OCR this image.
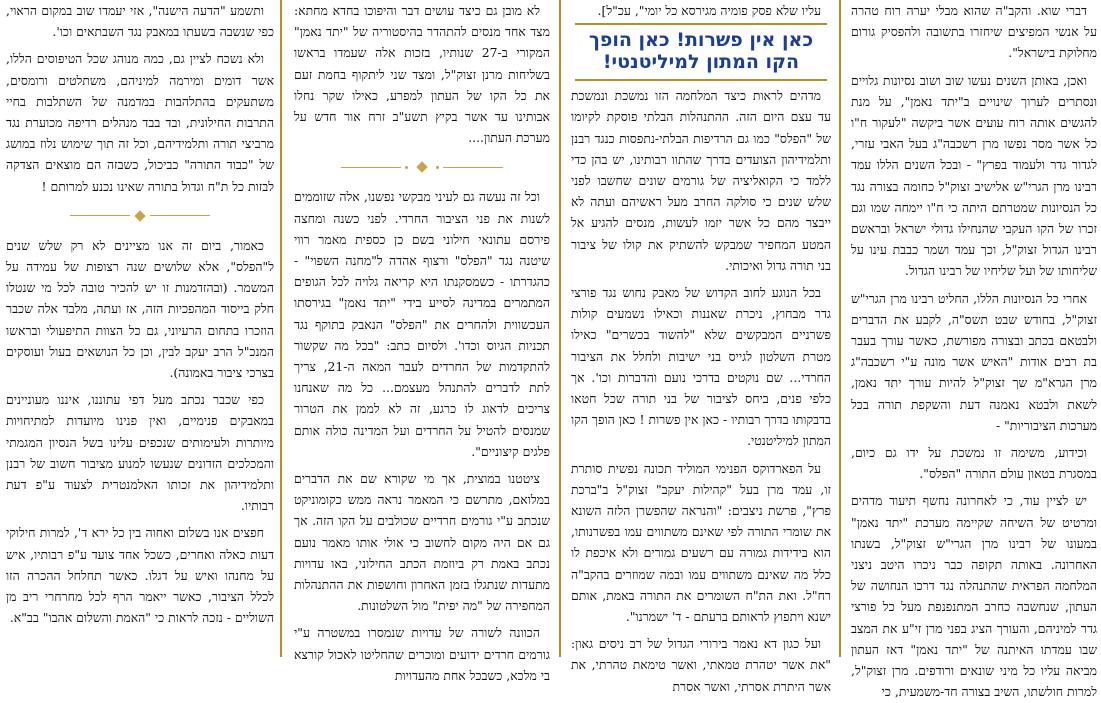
דברי שוא. והקב"ה שהוא מבלי יערה רוח טהרה על אנשי המפיצים שיחזרו בתשובה ולהפסיק גורום מחלוקת בישראל".

ואכן, באותן השנים נעשו שוב ושוב נסיונות גלויים ונסתרים לערוך שינויים ב"יתד נאמן", על מנת להגשים אותה רוח עועים אשר ביקשה "לעקור ח"ו כל אשר מסר נפשו מרן רשכבה"ג בעל האבי עזרי, לגדור גדר ולעמוד בפרץ" - ובכל השנים הללו עמד רבינו מרן הגרי"ש אלישיב זצוק"ל כחומה בצורה נגד כל הנסיונות שמטרתם היתה כי ח"ו יימחה שמו וגם זכרו של הקו העקבי שהנחילו גדולי ישראל ובראשם רבינו הגדול זצוק"ל, וכך עמד ושמר כבבת עינו על שליחותו של ועל שליחיו של רבינו הגדול.

אחרי כל הנסיונות הללו, החליט רבינו מרן הגרי"ש זצוק"ל, בחודש שבט תשס"ה, לקבע את הדברים ולבטאם בכתב ובצורה מפורשת, כאשר עורך בעבר בת רבים אודות "האיש אשר מונה ע"י רשכבה"ג מרן הגרא"מ שך זצוק"ל להיות עורך יתד נאמן, לשאת ולבטא נאמנה דעת והשקפת תורה בכל מערכות הציבוריות" -

וכידוע, משימה זו נמשכת על ידו גם כיום, במסגרת בטאון עולם התורה "הפלס".

יש לציין עוד, כי לאחרונה נחשף תיעוד מדהים ומרטיט של השיחה שקיימה מערכת "יתד נאמן" במעונו של רבינו מרן הגרי"ש זצוק"ל, בשנתו האחרונה. באותה תקופה כבר ניכרו היטב ניצני המלחמה הפראית שהתנהלה נגד דרכו הנחושה של העתון, שנחשבה כחרב המתנפנפת מעל כל פורצי גדר למיניהם, והעורך הציג בפני מרן זי"ע את המצב שבו עמדתו האיתנה של "יתד נאמן" דאז העתון מביאה עליו כל מיני שונאים ורודפים. מרן זצוק"ל, למרות חולשתו, השיב בצורה חד-משמעית, כי

עליו שלא פסק פומיה מגירסא כל יומי", עכ"ל].

כאן אין פשרות! כאן הופך הקו המתון למיליטנטי!

מדהים לראות כיצד המלחמה הזו נמשכת ונמשכת עד עצם היום הזה. ההתנהלות הבלתי פוסקת לקיומו של "הפלס" כמו גם הרדיפות הבלתי-נתפסות כנגד רבנן ותלמידיהון הצועדים בדרך שהתוו רבותינו, יש בהן כדי ללמד כי הקואליציה של גורמים שונים שחשבו לפני שלש שנים כי סולקה החרב מעל ראשיהם ועתה לא ייבצר מהם כל אשר יזמו לעשות, מנסים להגיע אל המטע המחפיר שמבקש להשתיק את קולו של ציבור בני תורה גדול ואיכותי.

בכל הנוגע לחוב הקדוש של מאבק נחוש נגד פורצי גדר מבחוץ, ניכרת שאננות וכאילו נשמעים קולות פשרניים המבקשים שלא "להשוד בכשרים" כאילו מטרת השלטון לגייס בני ישיבות ולחלל את הציבור החרדי... שם נוקטים בדרכי נועם והדברות וכו'. אך כלפי פנים, ביחס לציבור של בני תורה שכל חטאו בדבקותו בדרך רבותיו - כאן אין פשרות ! כאן הופך הקו המתון למיליטנטי.

על הפארדוקס הפנימי המוליד תכונה נפשית סותרת זו, עמד מרן בעל "קהילות יעקב" זצוק"ל ב"ברכת פרץ", פרשת ניצבים: "והנראה שהפשרן הלזה השונא את שומרי התורה לפי שאינם משתווים עמו בפשרנותו, הוא בידידות גמורה עם רשעים גמורים ולא איכפת לו כלל מה שאינם משתווים עמו ובמה שמוזרים בהקב"ה רח"ל. ואת הת"ח השומרים את התורה באמת, אותם ישנא ויתפוץ לראותם ברעתם - ד' ישמרנו".

ועל כגון דא נאמר בירורי הגדול של רב ניסים גאון: "את אשר יטהרת טמאתי, ואשר טימאת טהרתי, את אשר היתרת אסרתי, ואשר אסרת

לא מובן גם כיצד עושים דבר והיפוכו בחדא מחתא: מצד אחד מנסים להתהדר בהיסטוריה של "יתד נאמן" המקורי ב-27 שנותיו, בזכות אלה שעמדו בראשו בשליחות מרנן זצוק"ל, ומצד שני ליתקוף בחמת זעם את כל הקו של העתון למפרע, כאילו שקר נחלו אבותינו עד אשר בקיץ תשע"ב זרח אור חדש על מערכת העתון....

וכל זה נעשה גם לעיני מבקשי נפשנו, אלה שזוממים לשנות את פני הציבור החרדי. לפני כשנה ומחצה פירסם עתונאי חילוני בשם כן כספית מאמר רווי שיטנה נגד "הפלס" ורצוף אהדה ל"מחנה השפוי" - כהגדרתו - כשמסקנתו היא קריאה גלויה לכל הגופים המתמרים במדינה לסייע בידי "יתד נאמן" בגירסתו העכשווית ולהחרים את "הפלס" הנאבק בתוקף נגד תכניות הגיוס וכדו'. ולסיום כתב: "בכל מה שקשור להתקדמות של החרדים לעבר המאה ה-21, צריך לתת לדברים להתנהל מעצמם... כל מה שאנחנו צריכים לדאוג לו כרגע, זה לא לממן את הטרור שמנסים להטיל על החרדים ועל המדינה כולה אותם פלגים קיצוניים".

ציטטנו במוצית, אך מי שקורא שם את הדברים במלואם, מתרשם כי המאמר נראה ממש כקומוניקט שנכתב ע"י גורמים חרדיים שכולבים על הקו הזה. אך גם אם היה מקום לחשוב כי אולי אותו מאמר נועם נכתב באמת רק ביוזמת הכתב החילוני, באו עדויות מתעדות שנתגלו בזמן האחרון וחושפות את ההתנהלות המחפירה של "מה יפית" מול השלטונות.

הכוונה לשורה של עדויות שנמסרו במשטרה ע"י גורמים חרדים ידועים ומוכרים שהחליטו לאכול קורצא בי מלכא, כשבכל אחת מהעדויות

ותשמע "הדעה הישנה", אזי יעמדו שוב במקום הראוי, כפי שנשבה בשעתו במאבק נגד השבתאים וכו'.

ולא נשכח לציין גם, כמה מנוהג שכל הטיפוסים הללו, אשר דומים ומירמה למיניהם, משתלטים ורומסים, משתעקים בהתלהבות במדמנה של השתלבות בחיי התרבות החילונית, ובד בבד מנהלים רדיפה מכוערת נגד מרביצי תורה ותלמידיהם, וכל זה תוך שימוש נלוז במושג של "כבוד התורה" כביכול, כשבזה הם מוצאים הצדקה לבזות כל ת"ח וגדול בתורה שאינו נכנע למרותם !

כאמור, ביום זה אנו מציינים לא רק שלש שנים ל"הפלס", אלא שלושים שנה רצופות של עמידה על המשמר. (ובהזדמנות זו יש להכיר טובה לכל מי שנטלו חלק בייסוד המהפכיות הזה, אז ועתה, מלבד אלה שכבר הוזכרו בתחום הרעיוני, גם כל הצוות התיפעולי ובראשו המנכ"ל הרב יעקב לבין, וכן כל הנושאים בעול ועוסקים בצרכי ציבור באמונה).

כפי שכבר נכתב מעל דפי עתוננו, איננו מעוניינים במאבקים פנימיים, ואין פנינו מיועדות למתיחויות מיותרות ולעימותים שנכפים עלינו בשל הנסיון המגמתי והמכלכים הזדונים שנעשו למנוע מציבור חשוב של רבנן ותלמידיהון את זכותו האלמנטרית לצעוד ע"פ דעת רבותיו.

חפצים אנו בשלום ואחוה בין כל ירא ד', למרות חילוקי דעות כאלה ואחרים, כשכל אחד צועד ע"פ רבותיו, איש על מחנהו ואיש על דגלו. כאשר תחלחל ההכרה הזו לכלל הציבור, כאשר ייאמר הרף לכל מחרחרי ריב מן השוליים - נזכה לראות כי "האמת והשלום אהבו" בב"א.
